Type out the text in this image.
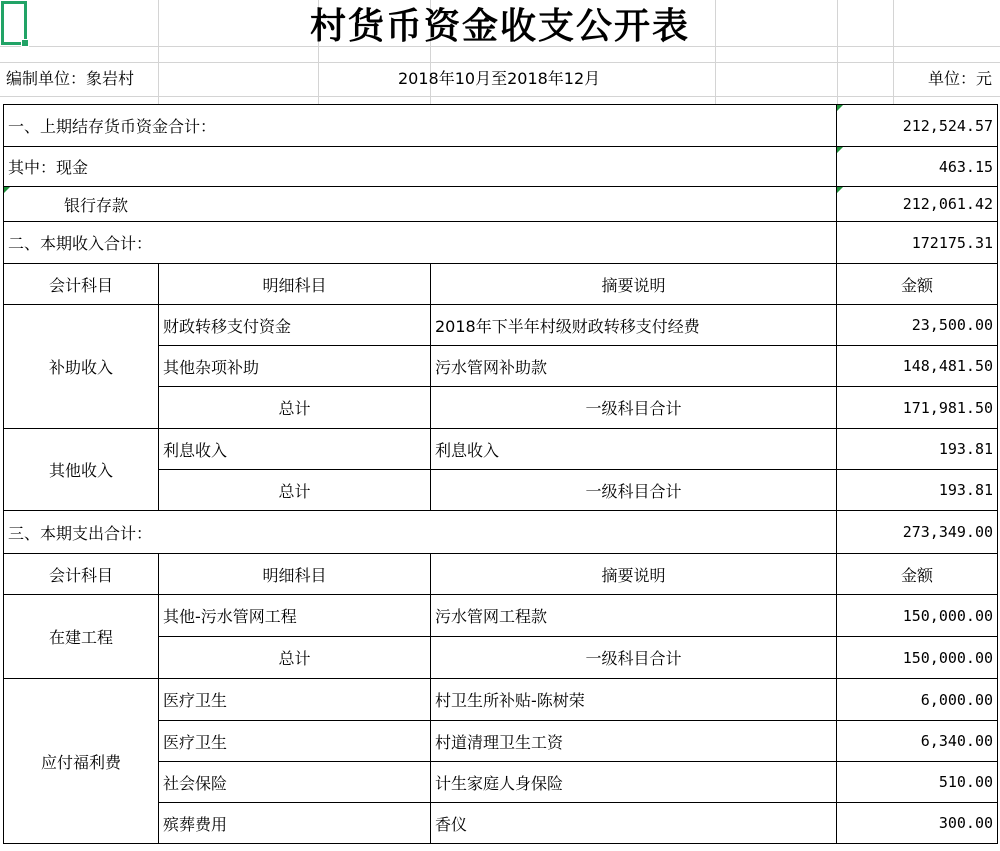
村货币资金收支公开表
编制单位：象岩村	2018年10月至2018年12月	单位：元
一、上期结存货币资金合计：			212,524.57
其中：现金			463.15
银行存款			212,061.42
二、本期收入合计：			172175.31
会计科目	明细科目	摘要说明	金额
补助收入	财政转移支付资金	2018年下半年村级财政转移支付经费	23,500.00
	其他杂项补助	污水管网补助款	148,481.50
	总计	一级科目合计	171,981.50
其他收入	利息收入	利息收入	193.81
	总计	一级科目合计	193.81
三、本期支出合计：			273,349.00
会计科目	明细科目	摘要说明	金额
在建工程	其他-污水管网工程	污水管网工程款	150,000.00
	总计	一级科目合计	150,000.00
应付福利费	医疗卫生	村卫生所补贴-陈树荣	6,000.00
	医疗卫生	村道清理卫生工资	6,340.00
	社会保险	计生家庭人身保险	510.00
	殡葬费用	香仪	300.00
